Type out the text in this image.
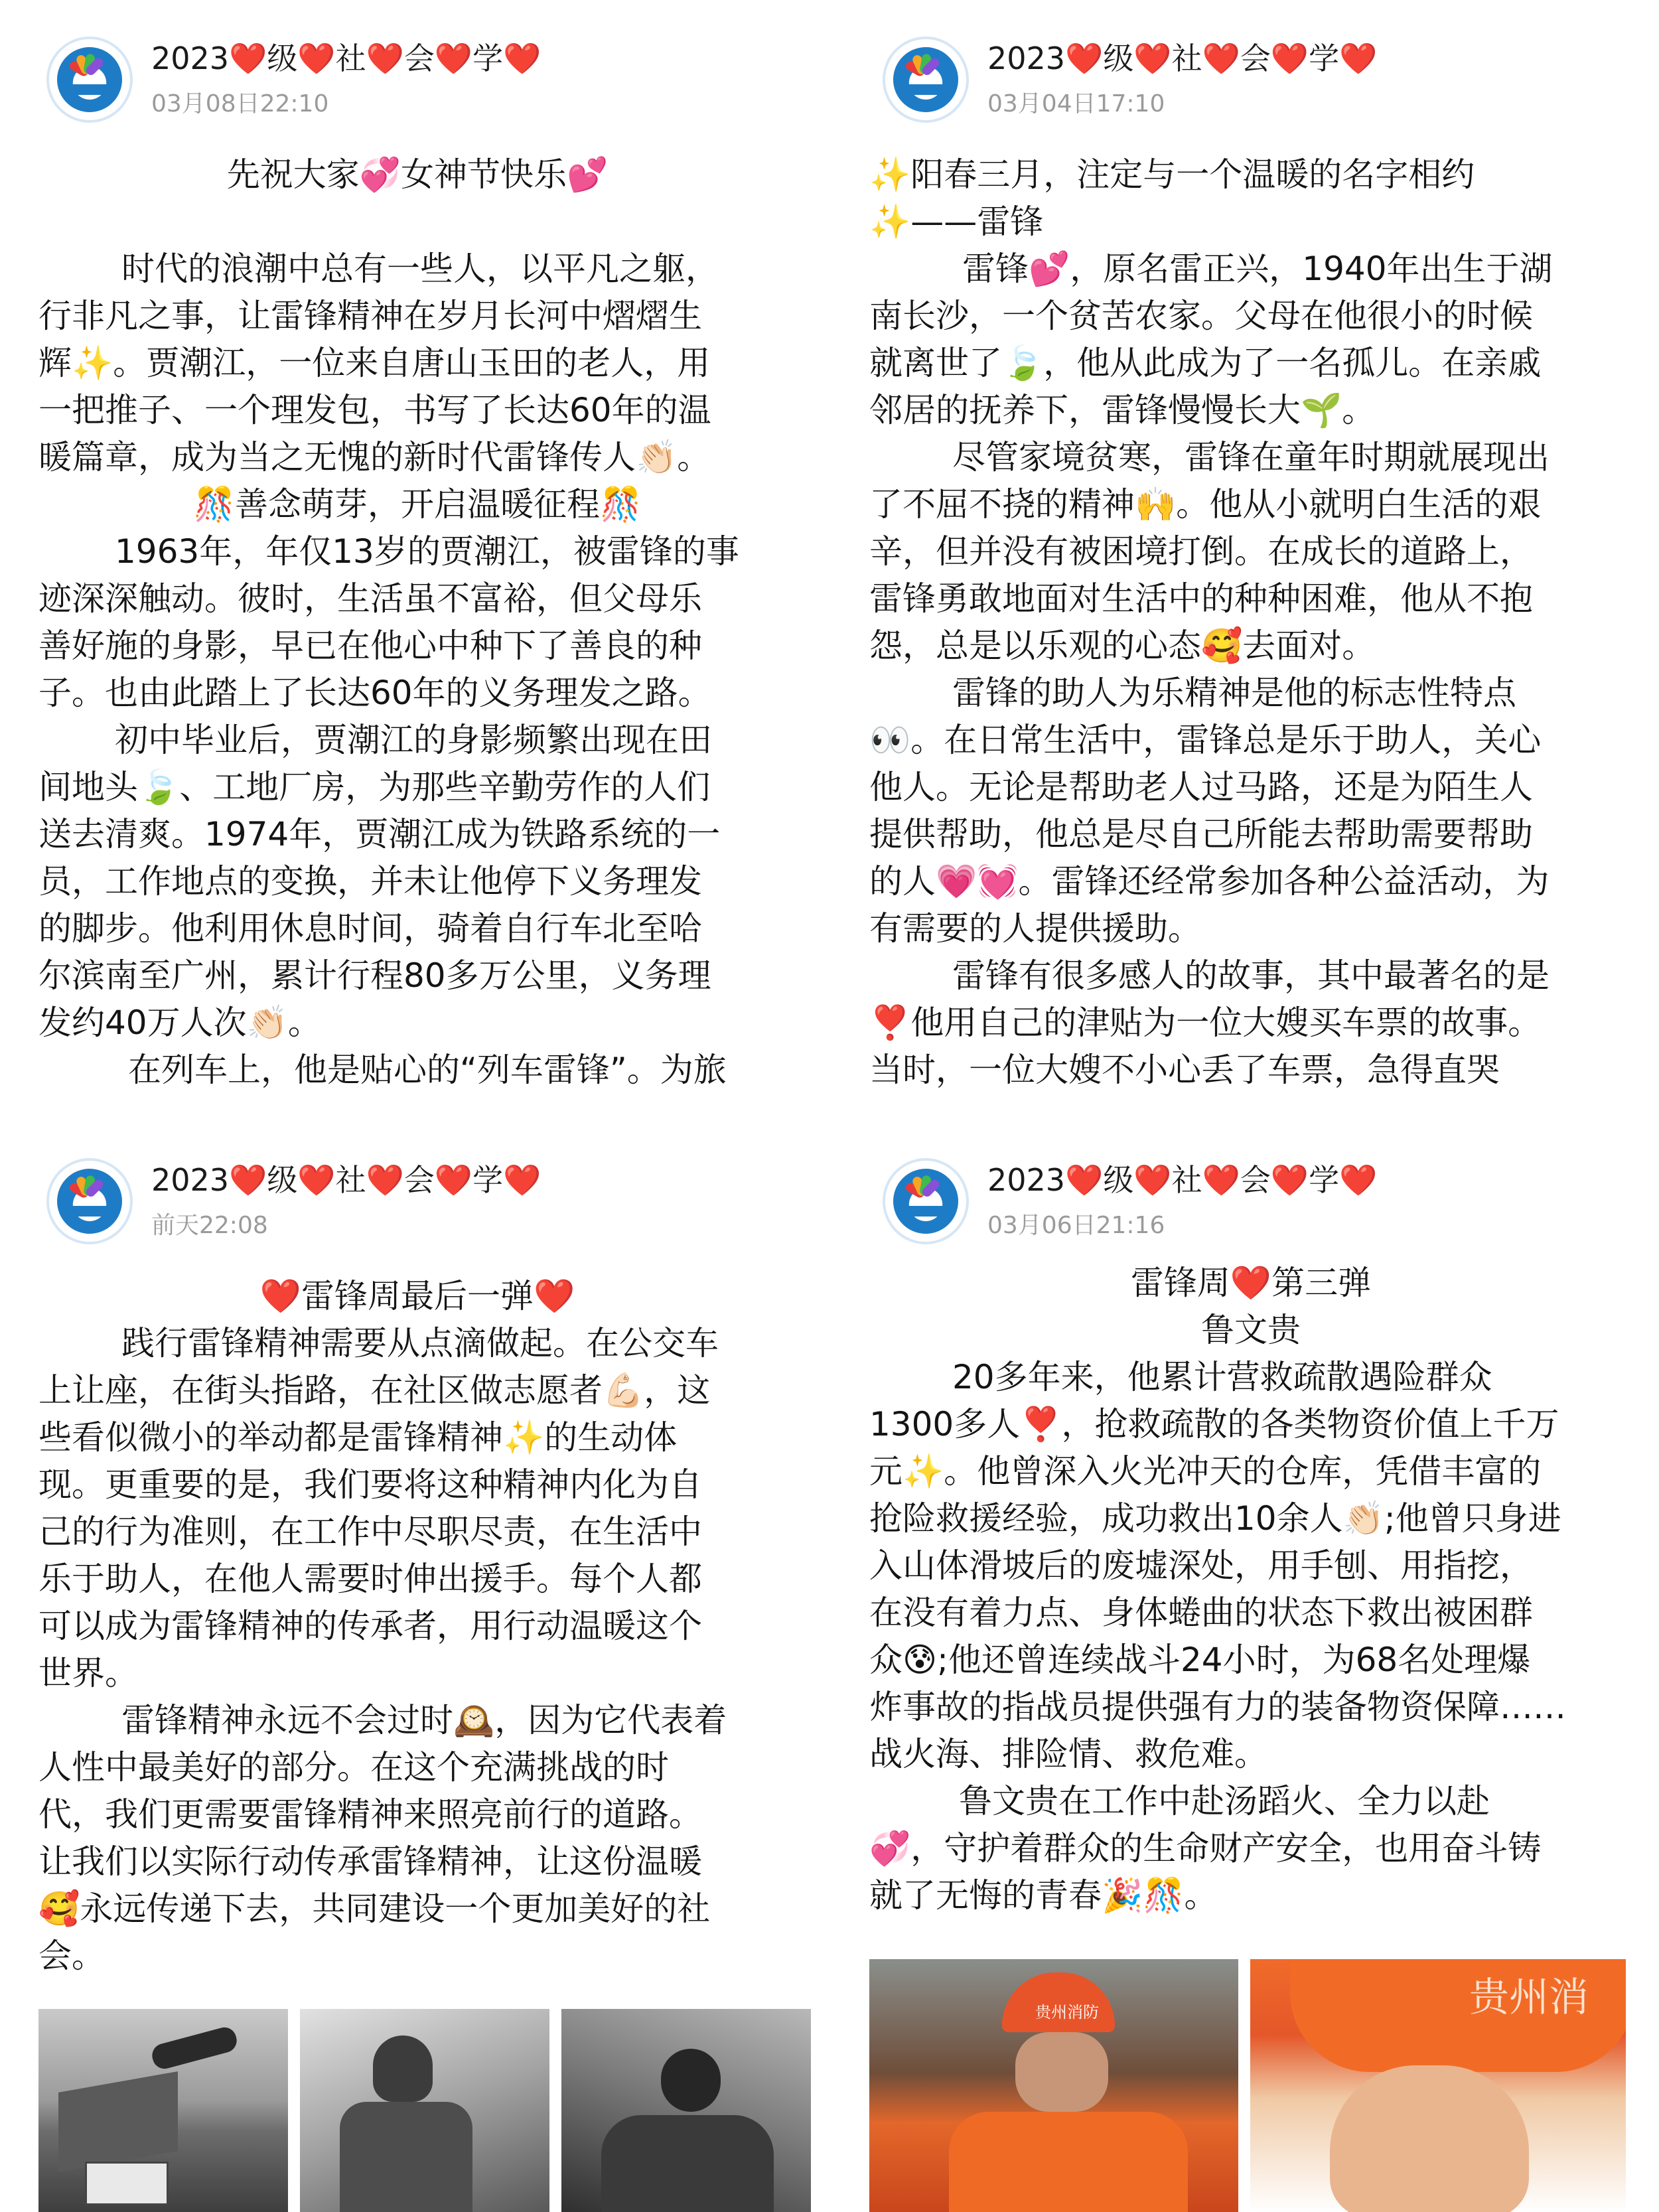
2023❤️级❤️社❤️会❤️学❤️
03月08日22:10
先祝大家💞女神节快乐💕
时代的浪潮中总有一些人，以平凡之躯，
行非凡之事，让雷锋精神在岁月长河中熠熠生
辉✨。贾潮江，一位来自唐山玉田的老人，用
一把推子、一个理发包，书写了长达60年的温
暖篇章，成为当之无愧的新时代雷锋传人👏🏻。
🎊善念萌芽，开启温暖征程🎊
1963年，年仅13岁的贾潮江，被雷锋的事
迹深深触动。彼时，生活虽不富裕，但父母乐
善好施的身影，早已在他心中种下了善良的种
子。也由此踏上了长达60年的义务理发之路。
初中毕业后，贾潮江的身影频繁出现在田
间地头🍃、工地厂房，为那些辛勤劳作的人们
送去清爽。1974年，贾潮江成为铁路系统的一
员，工作地点的变换，并未让他停下义务理发
的脚步。他利用休息时间，骑着自行车北至哈
尔滨南至广州，累计行程80多万公里，义务理
发约40万人次👏🏻。
在列车上，他是贴心的“列车雷锋”。为旅
2023❤️级❤️社❤️会❤️学❤️
03月04日17:10
✨阳春三月，注定与一个温暖的名字相约
✨——雷锋
雷锋💕，原名雷正兴，1940年出生于湖
南长沙，一个贫苦农家。父母在他很小的时候
就离世了🍃，他从此成为了一名孤儿。在亲戚
邻居的抚养下，雷锋慢慢长大🌱。
尽管家境贫寒，雷锋在童年时期就展现出
了不屈不挠的精神🙌。他从小就明白生活的艰
辛，但并没有被困境打倒。在成长的道路上，
雷锋勇敢地面对生活中的种种困难，他从不抱
怨，总是以乐观的心态🥰去面对。
雷锋的助人为乐精神是他的标志性特点
👀。在日常生活中，雷锋总是乐于助人，关心
他人。无论是帮助老人过马路，还是为陌生人
提供帮助，他总是尽自己所能去帮助需要帮助
的人💗💓。雷锋还经常参加各种公益活动，为
有需要的人提供援助。
雷锋有很多感人的故事，其中最著名的是
❣️他用自己的津贴为一位大嫂买车票的故事。
当时，一位大嫂不小心丢了车票，急得直哭
2023❤️级❤️社❤️会❤️学❤️
前天22:08
❤️雷锋周最后一弹❤️
践行雷锋精神需要从点滴做起。在公交车
上让座，在街头指路，在社区做志愿者💪🏻，这
些看似微小的举动都是雷锋精神✨的生动体
现。更重要的是，我们要将这种精神内化为自
己的行为准则，在工作中尽职尽责，在生活中
乐于助人，在他人需要时伸出援手。每个人都
可以成为雷锋精神的传承者，用行动温暖这个
世界。
雷锋精神永远不会过时🕰️，因为它代表着
人性中最美好的部分。在这个充满挑战的时
代，我们更需要雷锋精神来照亮前行的道路。
让我们以实际行动传承雷锋精神，让这份温暖
🥰永远传递下去，共同建设一个更加美好的社
会。
2023❤️级❤️社❤️会❤️学❤️
03月06日21:16
雷锋周❤️第三弹
鲁文贵
20多年来，他累计营救疏散遇险群众
1300多人❣️，抢救疏散的各类物资价值上千万
元✨。他曾深入火光冲天的仓库，凭借丰富的
抢险救援经验，成功救出10余人👏🏻;他曾只身进
入山体滑坡后的废墟深处，用手刨、用指挖，
在没有着力点、身体蜷曲的状态下救出被困群
众😰;他还曾连续战斗24小时，为68名处理爆
炸事故的指战员提供强有力的装备物资保障……
战火海、排险情、救危难。
鲁文贵在工作中赴汤蹈火、全力以赴
💞，守护着群众的生命财产安全，也用奋斗铸
就了无悔的青春🎉🎊。
贵州消防	贵州消
